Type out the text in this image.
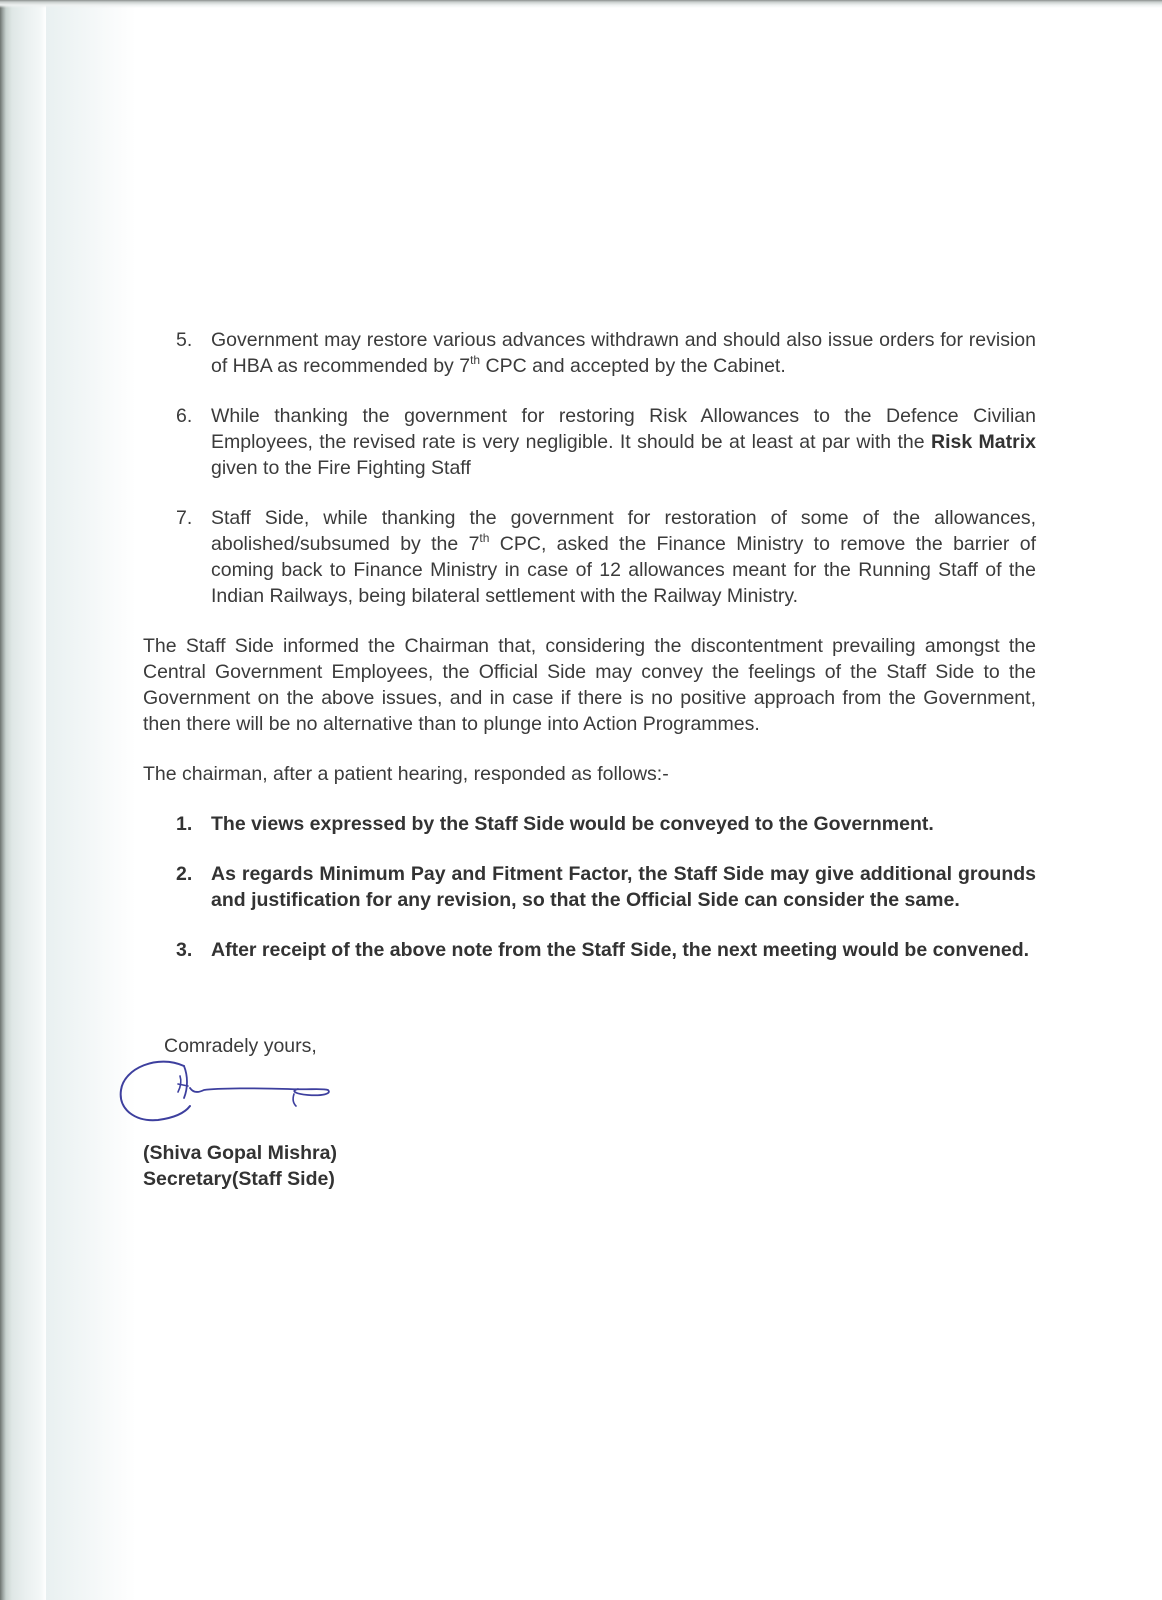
5. Government may restore various advances withdrawn and should also issue orders for revision of HBA as recommended by 7th CPC and accepted by the Cabinet.
6. While thanking the government for restoring Risk Allowances to the Defence Civilian Employees, the revised rate is very negligible. It should be at least at par with the Risk Matrix given to the Fire Fighting Staff
7. Staff Side, while thanking the government for restoration of some of the allowances, abolished/subsumed by the 7th CPC, asked the Finance Ministry to remove the barrier of coming back to Finance Ministry in case of 12 allowances meant for the Running Staff of the Indian Railways, being bilateral settlement with the Railway Ministry.

The Staff Side informed the Chairman that, considering the discontentment prevailing amongst the Central Government Employees, the Official Side may convey the feelings of the Staff Side to the Government on the above issues, and in case if there is no positive approach from the Government, then there will be no alternative than to plunge into Action Programmes.

The chairman, after a patient hearing, responded as follows:-

1. The views expressed by the Staff Side would be conveyed to the Government.
2. As regards Minimum Pay and Fitment Factor, the Staff Side may give additional grounds and justification for any revision, so that the Official Side can consider the same.
3. After receipt of the above note from the Staff Side, the next meeting would be convened.
Comradely yours,
(Shiva Gopal Mishra)
Secretary(Staff Side)
